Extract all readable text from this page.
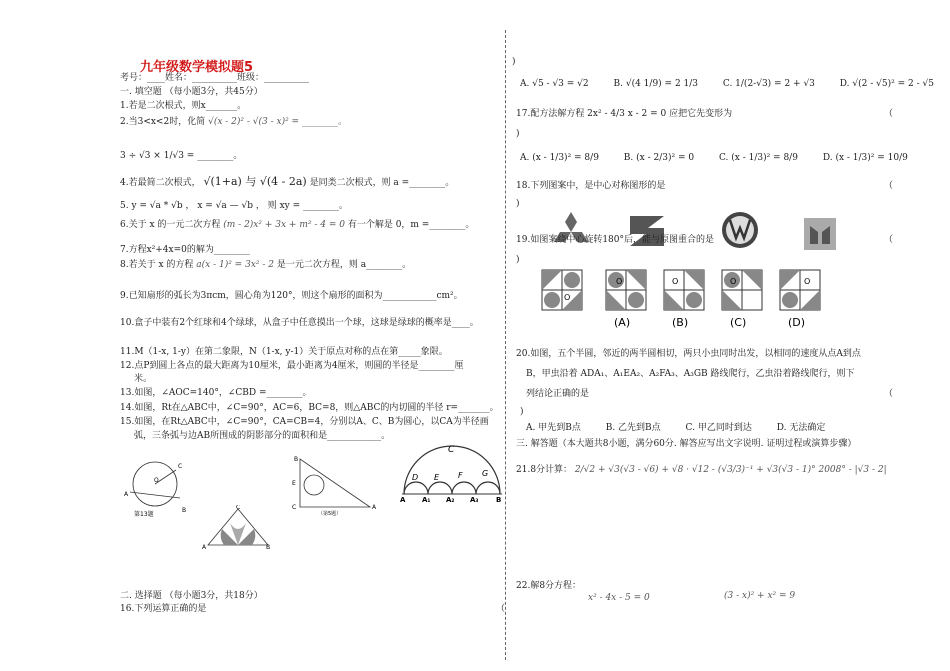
九年级数学模拟题5
考号：____姓名：__________班级：__________
一. 填空题 （每小题3分，共45分）
1.若是二次根式，则x_______。
2.当3<x<2时，化简 √(x - 2)² - √(3 - x)² = ________。
3 ÷ √3 × 1/√3 = ________。
4.若最简二次根式， √(1+a) 与 √(4 - 2a) 是同类二次根式，则 a =________。
5. y = √a * √b ， x = √a — √b ， 则 xy = ________。
6.关于 x 的一元二次方程 (m - 2)x² + 3x + m² - 4 = 0 有一个解是 0，m =________。
7.方程x²+4x=0的解为________
8.若关于 x 的方程 a(x - 1)² = 3x² - 2 是一元二次方程，则 a________。
9.已知扇形的弧长为3πcm，圆心角为120°，则这个扇形的面积为____________cm²。
10.盒子中装有2个红球和4个绿球，从盒子中任意摸出一个球，这球是绿球的概率是____。
11.M（1-x, 1-y）在第二象限，N（1-x, y-1）关于原点对称的点在第_____象限。
12.点P到圆上各点的最大距离为10厘米，最小距离为4厘米，则圆的半径是________厘
米。
13.如图，∠AOC=140°，∠CBD =________。
14.如图，Rt在△ABC中，∠C=90°，AC=6，BC=8，则△ABC的内切圆的半径 r=_______。
15.如图，在Rt△ABC中，∠C=90°，CA=CB=4，分别以A、C、B为圆心，以CA为半径画
弧，三条弧与边AB所围成的阴影部分的面积和是____________。
A
O
C
B
第13题
B
E
C	A
（第5题）
C
D E F G
A A₁ A₂ A₃	B
A
C
B
二. 选择题 （每小题3分，共18分）
16.下列运算正确的是	（
)
A. √5 - √3 = √2	B. √(4 1/9) = 2 1/3	C. 1/(2-√3) = 2 + √3	D. √(2 - √5)² = 2 - √5
17.配方法解方程 2x² - 4/3 x - 2 = 0 应把它先变形为	（
)
A. (x - 1/3)² = 8/9	B. (x - 2/3)² = 0	C. (x - 1/3)² = 8/9	D. (x - 1/3)² = 10/9
18.下列图案中，是中心对称图形的是	（
)
19.如图案绕中心旋转180°后，能与原图重合的是	（
)
O
O
(A)
O
(B)
O
(C)
O
(D)
20.如图，五个半圆，邻近的两半圆相切，两只小虫同时出发，以相同的速度从点A到点
B，甲虫沿着 ADA₁、A₁EA₂、A₂FA₃、A₃GB 路线爬行，乙虫沿着路线爬行，则下
列结论正确的是	（
)
A. 甲先到B点	B. 乙先到B点	C. 甲乙同时到达	D. 无法确定
三. 解答题（本大题共8小题，满分60分. 解答应写出文字说明. 证明过程或演算步骤）
21.8分计算： 2/√2 + √3(√3 - √6) + √8 · √12 - (√3/3)⁻¹ + √3(√3 - 1)° 2008° - |√3 - 2|
22.解8分方程：
x² - 4x - 5 = 0	(3 - x)² + x² = 9
